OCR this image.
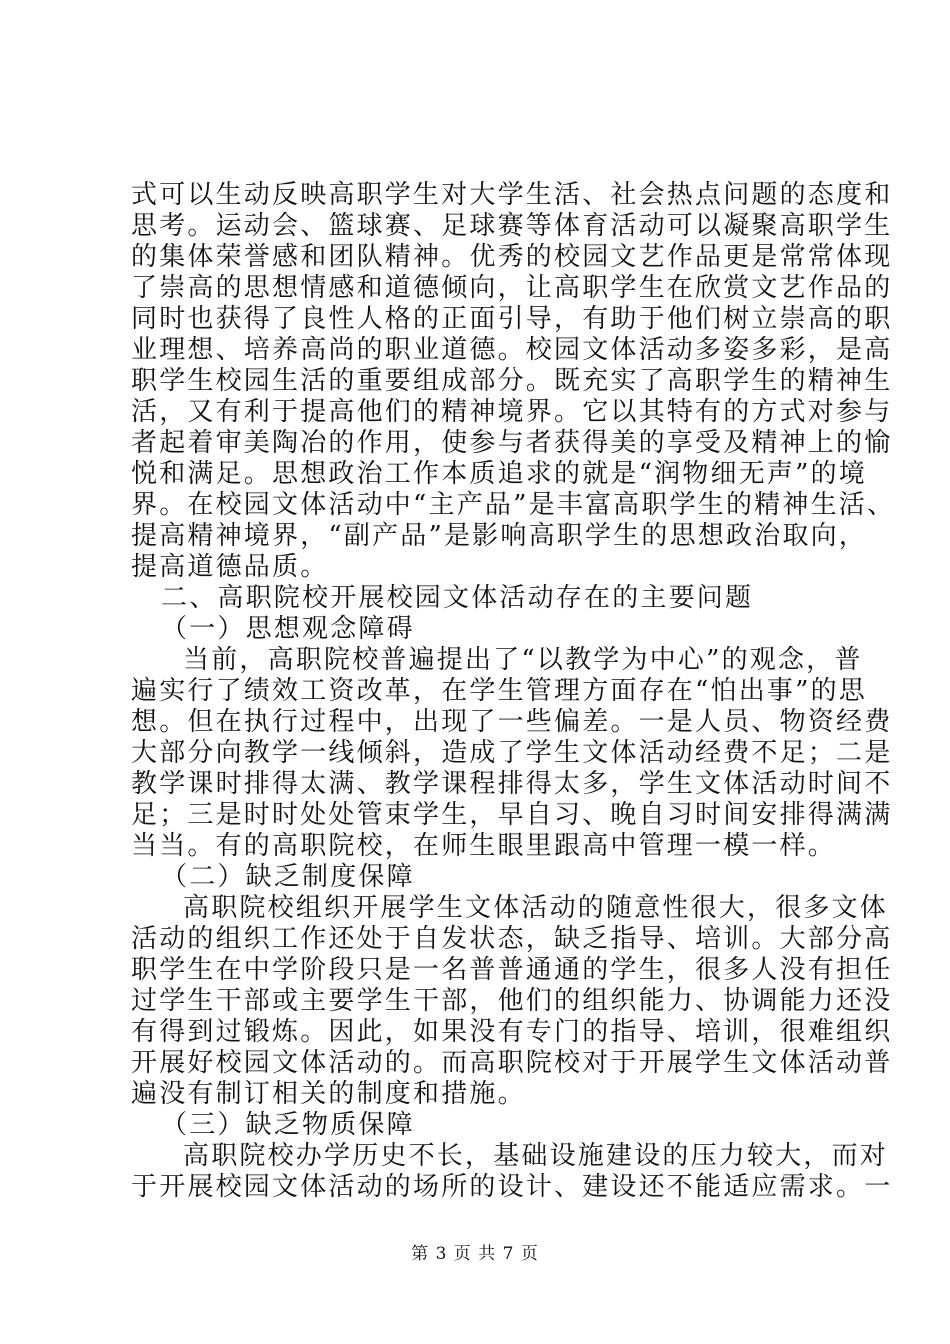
式可以生动反映高职学生对大学生活、社会热点问题的态度和
思考。运动会、篮球赛、足球赛等体育活动可以凝聚高职学生
的集体荣誉感和团队精神。优秀的校园文艺作品更是常常体现
了崇高的思想情感和道德倾向，让高职学生在欣赏文艺作品的
同时也获得了良性人格的正面引导，有助于他们树立崇高的职
业理想、培养高尚的职业道德。校园文体活动多姿多彩，是高
职学生校园生活的重要组成部分。既充实了高职学生的精神生
活，又有利于提高他们的精神境界。它以其特有的方式对参与
者起着审美陶冶的作用，使参与者获得美的享受及精神上的愉
悦和满足。思想政治工作本质追求的就是“润物细无声”的境
界。在校园文体活动中“主产品”是丰富高职学生的精神生活、
提高精神境界，“副产品”是影响高职学生的思想政治取向，
提高道德品质。
二、高职院校开展校园文体活动存在的主要问题
（一）思想观念障碍
当前，高职院校普遍提出了“以教学为中心”的观念，普
遍实行了绩效工资改革，在学生管理方面存在“怕出事”的思
想。但在执行过程中，出现了一些偏差。一是人员、物资经费
大部分向教学一线倾斜，造成了学生文体活动经费不足；二是
教学课时排得太满、教学课程排得太多，学生文体活动时间不
足；三是时时处处管束学生，早自习、晚自习时间安排得满满
当当。有的高职院校，在师生眼里跟高中管理一模一样。
（二）缺乏制度保障
高职院校组织开展学生文体活动的随意性很大，很多文体
活动的组织工作还处于自发状态，缺乏指导、培训。大部分高
职学生在中学阶段只是一名普普通通的学生，很多人没有担任
过学生干部或主要学生干部，他们的组织能力、协调能力还没
有得到过锻炼。因此，如果没有专门的指导、培训，很难组织
开展好校园文体活动的。而高职院校对于开展学生文体活动普
遍没有制订相关的制度和措施。
（三）缺乏物质保障
高职院校办学历史不长，基础设施建设的压力较大，而对
于开展校园文体活动的场所的设计、建设还不能适应需求。一
第 3 页 共 7 页
